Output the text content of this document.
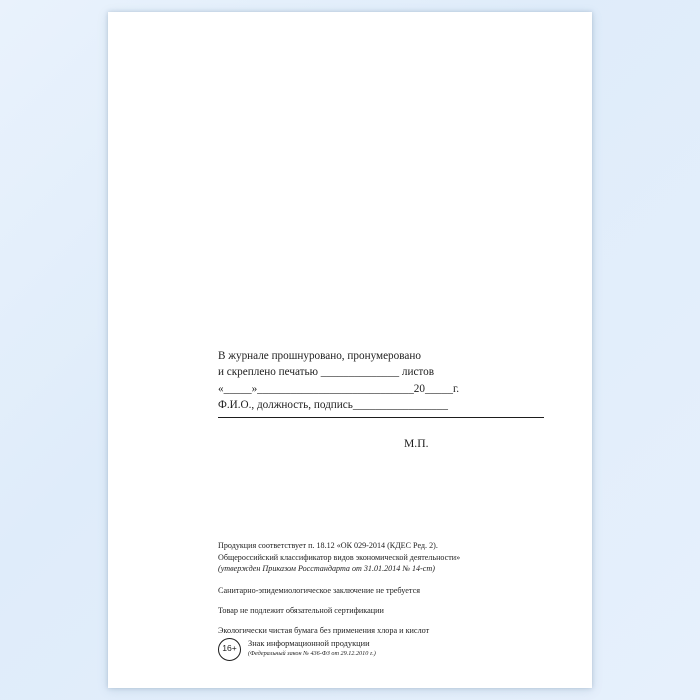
В журнале прошнуровано, пронумеровано
и скреплено печатью ______________ листов
«_____»____________________________20_____г.
Ф.И.О., должность, подпись_________________
М.П.
Продукция соответствует п. 18.12 «ОК 029-2014 (КДЕС Ред. 2).
Общероссийский классификатор видов экономической деятельности»
(утвержден Приказом Росстандарта от 31.01.2014 № 14-ст)
Санитарно-эпидемиологическое заключение не требуется
Товар не подлежит обязательной сертификации
Экологически чистая бумага без применения хлора и кислот
16+	Знак информационной продукции
(Федеральный закон № 436-ФЗ от 29.12.2010 г.)
